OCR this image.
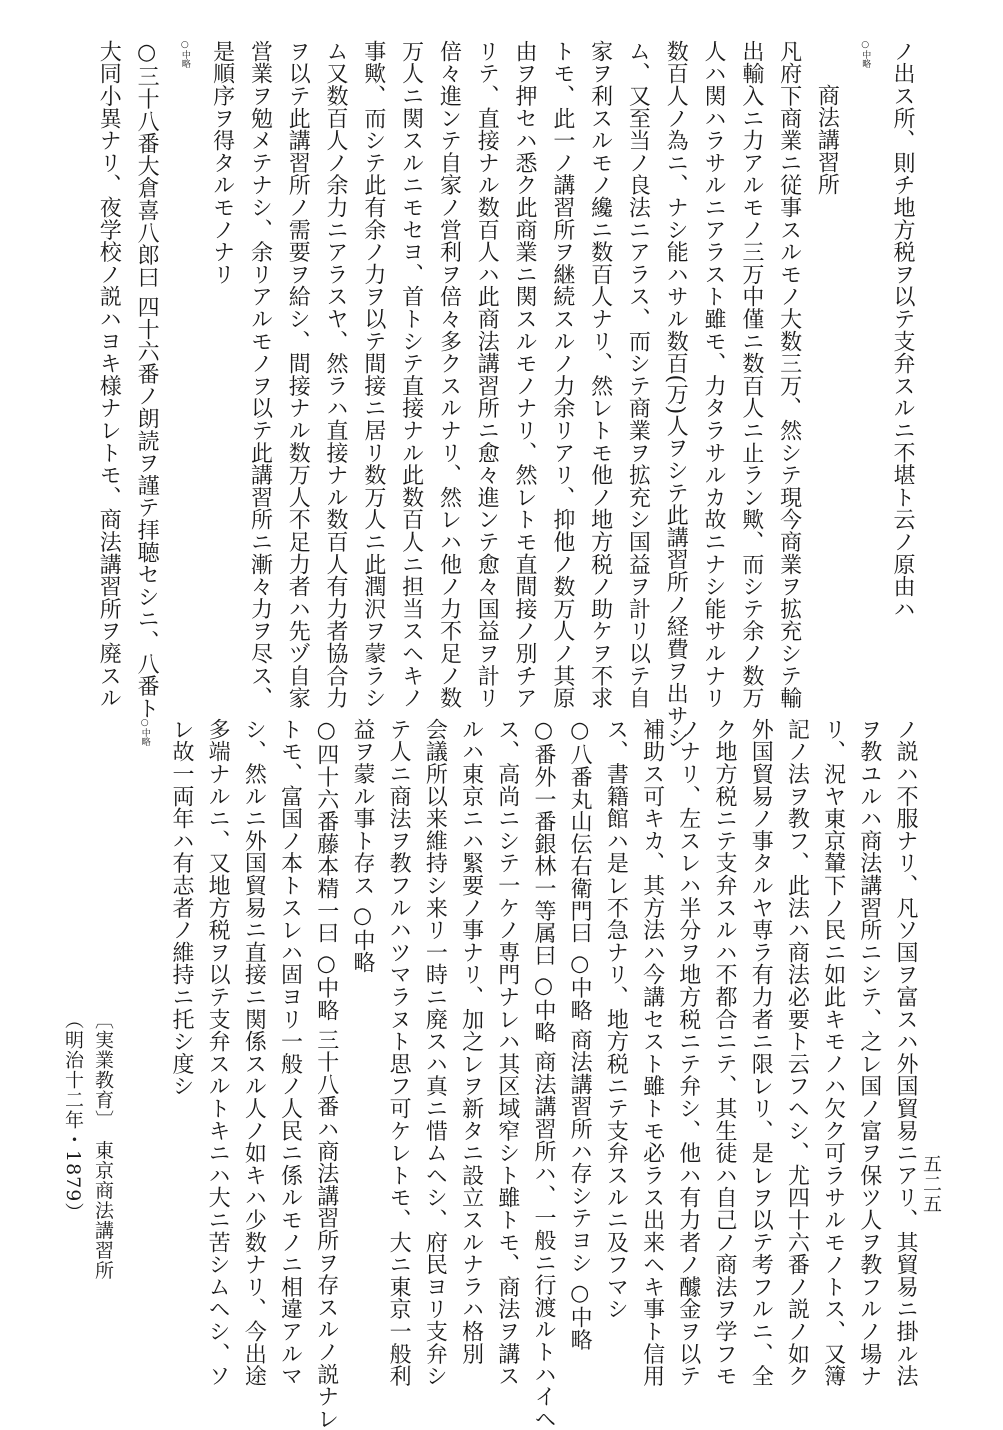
ノ出ス所、則チ地方税ヲ以テ支弁スルニ不堪ト云ノ原由ハ
○中略
商法講習所
凡府下商業ニ従事スルモノ大数三万、然シテ現今商業ヲ拡充シテ輸
出輸入ニ力アルモノ三万中僅ニ数百人ニ止ラン歟、而シテ余ノ数万
人ハ関ハラサルニアラスト雖モ、力タラサルカ故ニナシ能サルナリ
数百人ノ為ニ、ナシ能ハサル数百(万)人ヲシテ此講習所ノ経費ヲ出サシ
ム、又至当ノ良法ニアラス、而シテ商業ヲ拡充シ国益ヲ計リ以テ自
家ヲ利スルモノ纔ニ数百人ナリ、然レトモ他ノ地方税ノ助ケヲ不求
トモ、此一ノ講習所ヲ継続スルノ力余リアリ、抑他ノ数万人ノ其原
由ヲ押セハ悉ク此商業ニ関スルモノナリ、然レトモ直間接ノ別チア
リテ、直接ナル数百人ハ此商法講習所ニ愈々進ンテ愈々国益ヲ計リ
倍々進ンテ自家ノ営利ヲ倍々多クスルナリ、然レハ他ノ力不足ノ数
万人ニ関スルニモセヨ、首トシテ直接ナル此数百人ニ担当スヘキノ
事歟、而シテ此有余ノ力ヲ以テ間接ニ居リ数万人ニ此潤沢ヲ蒙ラシ
ム又数百人ノ余力ニアラスヤ、然ラハ直接ナル数百人有力者協合力
ヲ以テ此講習所ノ需要ヲ給シ、間接ナル数万人不足力者ハ先ヅ自家
営業ヲ勉メテナシ、余リアルモノヲ以テ此講習所ニ漸々力ヲ尽ス、
是順序ヲ得タルモノナリ
○中略
○三十八番大倉喜八郎曰 四十六番ノ朗読ヲ謹テ拝聴セシニ、八番ト
大同小異ナリ、夜学校ノ説ハヨキ様ナレトモ、商法講習所ヲ廃スル
ノ説ハ不服ナリ、凡ソ国ヲ富スハ外国貿易ニアリ、其貿易ニ掛ル法
ヲ教ユルハ商法講習所ニシテ、之レ国ノ富ヲ保ツ人ヲ教フルノ場ナ
リ、況ヤ東京輦下ノ民ニ如此キモノハ欠ク可ラサルモノトス、又簿
記ノ法ヲ教フ、此法ハ商法必要ト云フヘシ、尤四十六番ノ説ノ如ク
外国貿易ノ事タルヤ専ラ有力者ニ限レリ、是レヲ以テ考フルニ、全
ク地方税ニテ支弁スルハ不都合ニテ、其生徒ハ自己ノ商法ヲ学フモ
ノナリ、左スレハ半分ヲ地方税ニテ弁シ、他ハ有力者ノ醵金ヲ以テ
補助ス可キカ、其方法ハ今講セスト雖トモ必ラス出来ヘキ事ト信用
ス、書籍館ハ是レ不急ナリ、地方税ニテ支弁スルニ及フマシ
○八番丸山伝右衛門曰 ○中略 商法講習所ハ存シテヨシ ○中略
○番外一番銀林一等属曰 ○中略 商法講習所ハ、一般ニ行渡ルトハイヘ
ス、高尚ニシテ一ケノ専門ナレハ其区域窄シト雖トモ、商法ヲ講ス
ルハ東京ニハ緊要ノ事ナリ、加之レヲ新タニ設立スルナラハ格別
会議所以来維持シ来リ一時ニ廃スハ真ニ惜ムヘシ、府民ヨリ支弁シ
テ人ニ商法ヲ教フルハツマラヌト思フ可ケレトモ、大ニ東京一般利
益ヲ蒙ル事ト存ス ○中略
○四十六番藤本精一曰 ○中略 三十八番ハ商法講習所ヲ存スルノ説ナレ
トモ、富国ノ本トスレハ固ヨリ一般ノ人民ニ係ルモノニ相違アルマ
シ、然ルニ外国貿易ニ直接ニ関係スル人ノ如キハ少数ナリ、今出途
多端ナルニ、又地方税ヲ以テ支弁スルトキニハ大ニ苦シムヘシ、ソ
レ故一両年ハ有志者ノ維持ニ托シ度シ
○中略
〔実業教育〕　東京商法講習所
（明治十二年・1879）	五二五
